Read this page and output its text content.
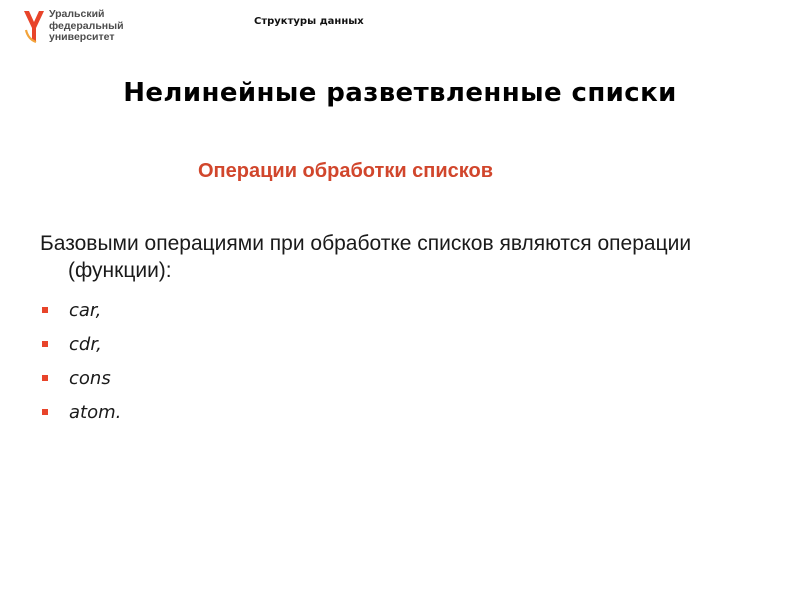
Уральский
федеральный
университет
Структуры данных
Нелинейные разветвленные списки
Операции обработки списков

Базовыми операциями при обработке списков являются операции (функции):

car,
cdr,
cons
atom.
